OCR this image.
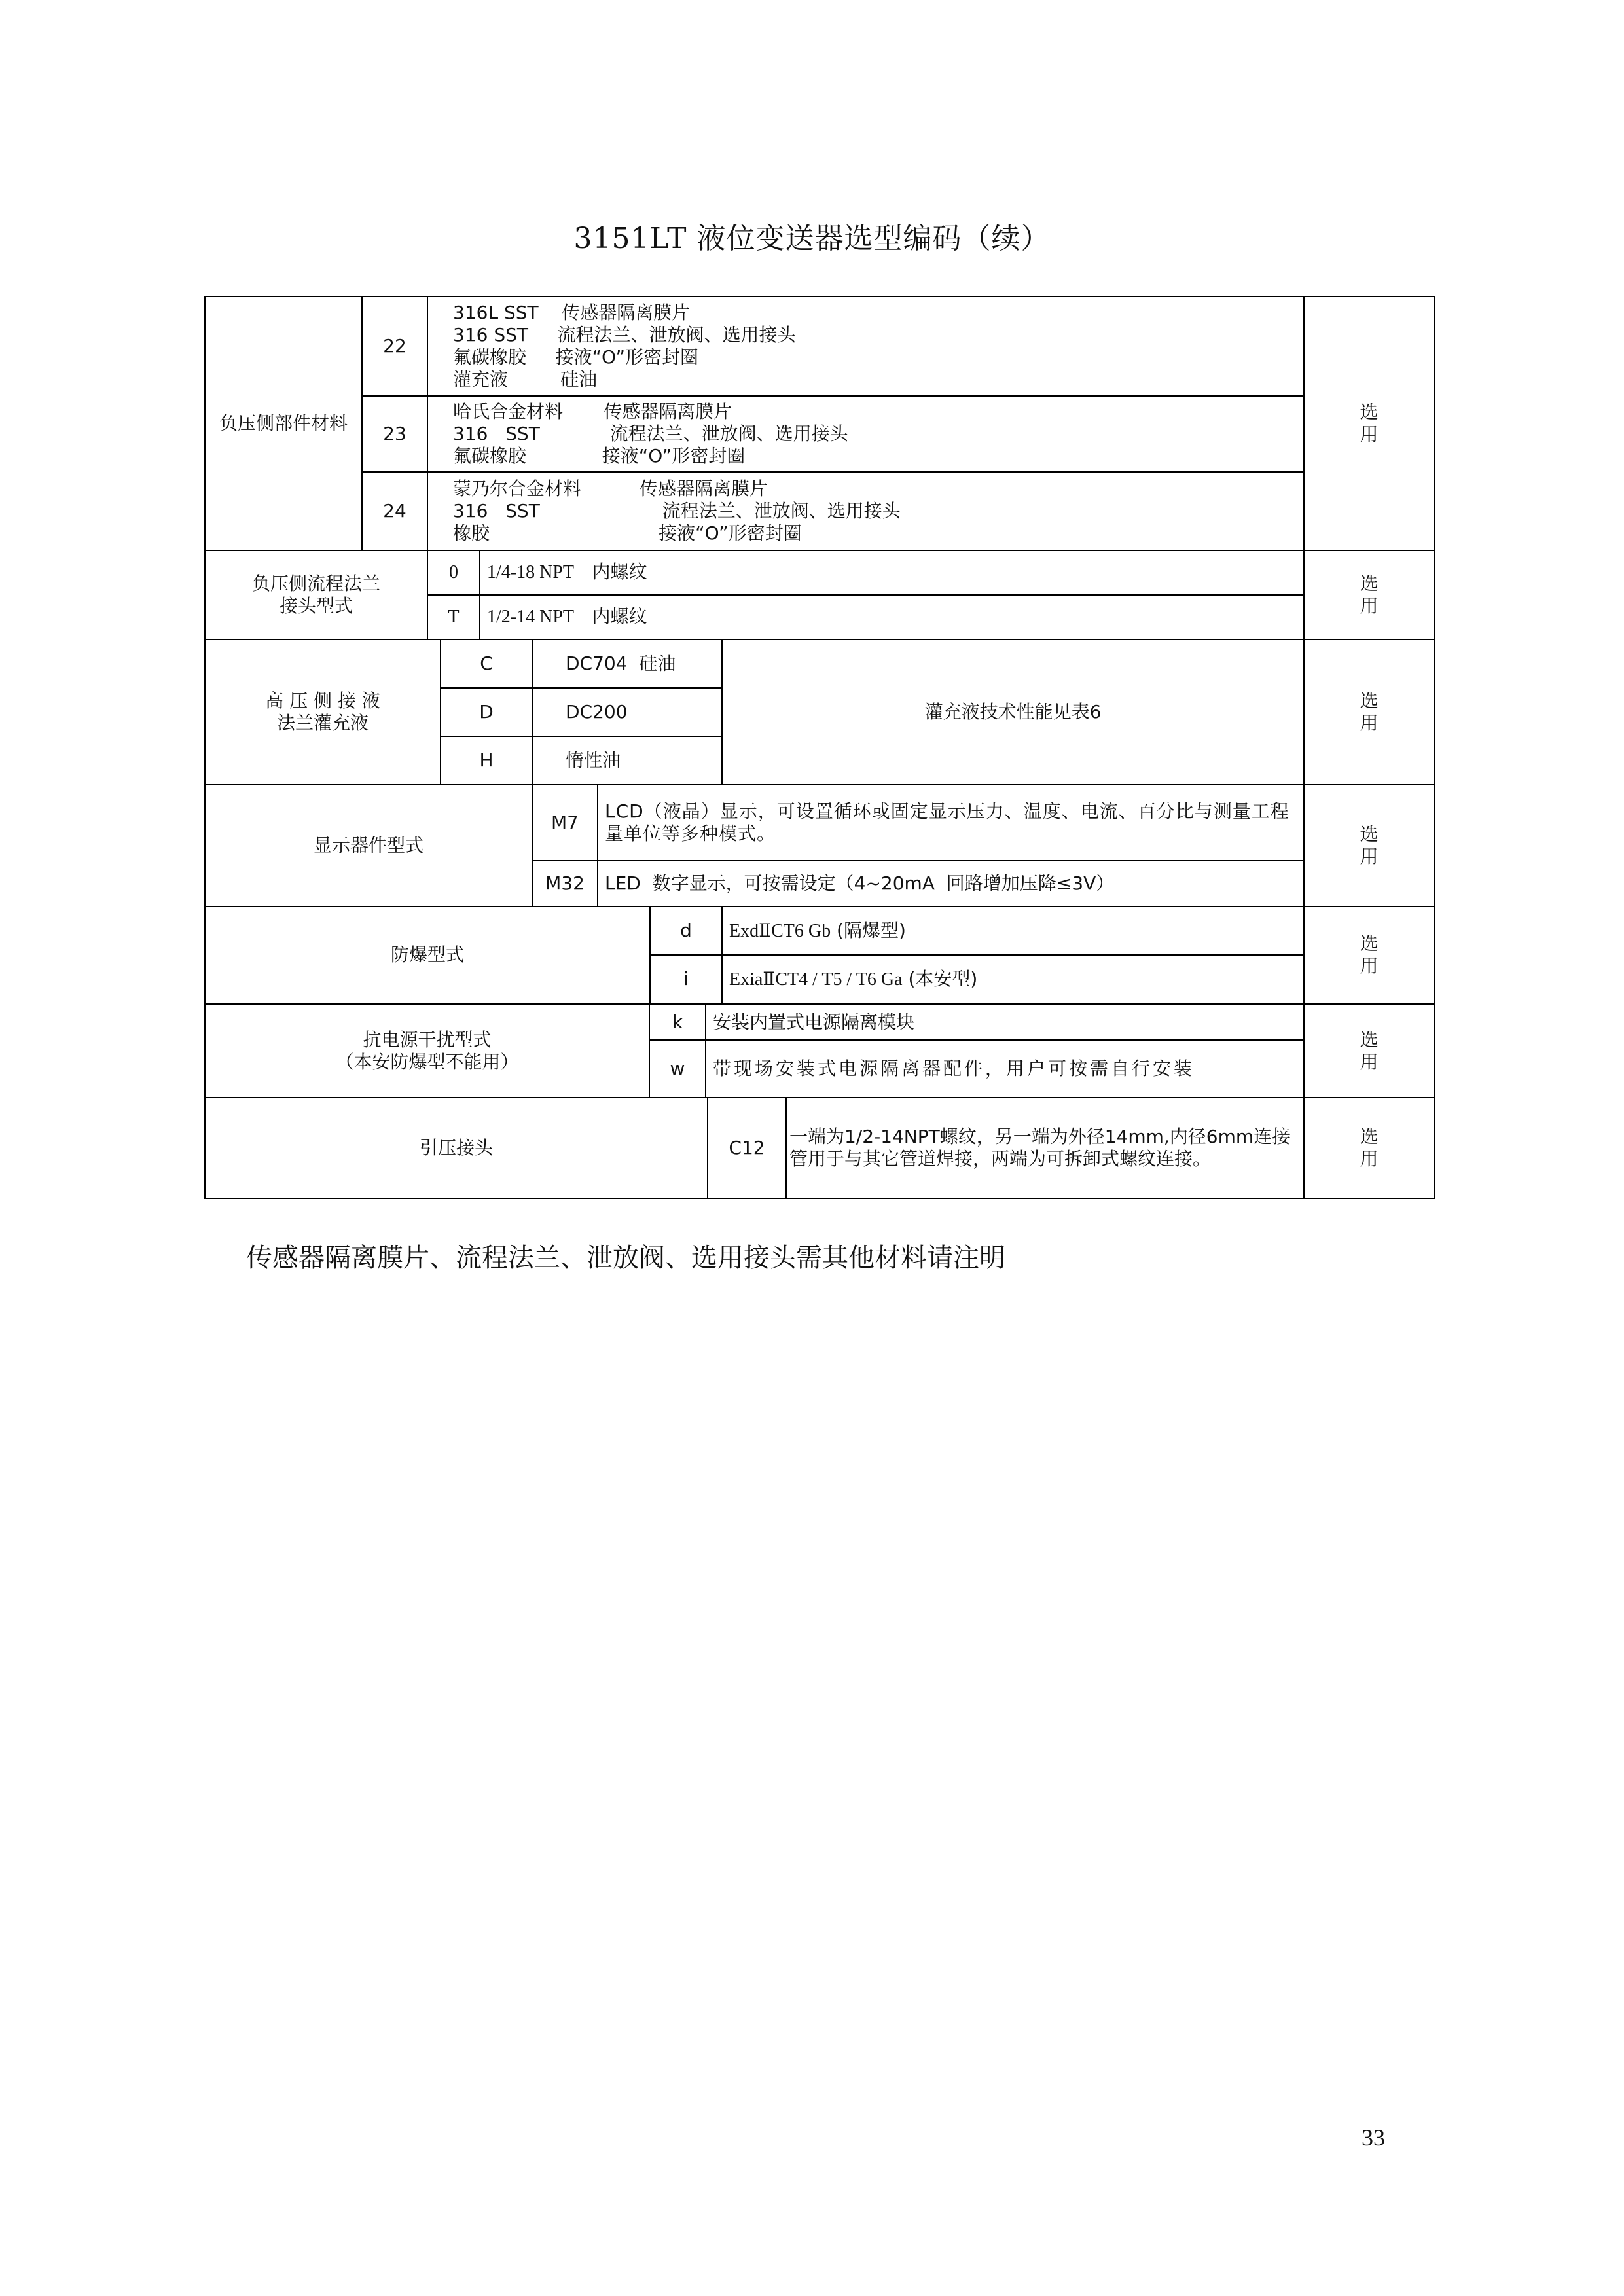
3151LT 液位变送器选型编码（续）
负压侧部件材料	22	316L SST    传感器隔离膜片
316 SST     流程法兰、泄放阀、选用接头
氟碳橡胶     接液“O”形密封圈
灌充液         硅油							选
用

	23	哈氏合金材料       传感器隔离膜片
316   SST            流程法兰、泄放阀、选用接头
氟碳橡胶             接液“O”形密封圈							

	24	蒙乃尔合金材料          传感器隔离膜片
316   SST                     流程法兰、泄放阀、选用接头
橡胶                             接液“O”形密封圈							

负压侧流程法兰
接头型式		0		1/4-18 NPT    内螺纹					选
用

		T		1/2-14 NPT    内螺纹					

高 压 侧 接 液
法兰灌充液			C		DC704  硅油			灌充液技术性能见表6	选
用

			D		DC200				
			H		惰性油				
显示器件型式					M7	LCD（液晶）显示，可设置循环或固定显示压力、温度、电流、百分比与测量工程量单位等多种模式。			选
用

					M32	LED  数字显示，可按需设定（4~20mA  回路增加压降≤3V）			
防爆型式							d	ExdⅡCT6 Gb (隔爆型)	选
用

							i	ExiaⅡCT4 / T5 / T6 Ga (本安型)	
抗电源干扰型式
（本安防爆型不能用）	k	安装内置式电源隔离模块	选
用

	w	带现场安装式电源隔离器配件，用户可按需自行安装	
引压接头	C12	一端为1/2-14NPT螺纹，另一端为外径14mm,内径6mm连接管用于与其它管道焊接，两端为可拆卸式螺纹连接。	
选
用
传感器隔离膜片、流程法兰、泄放阀、选用接头需其他材料请注明
33
